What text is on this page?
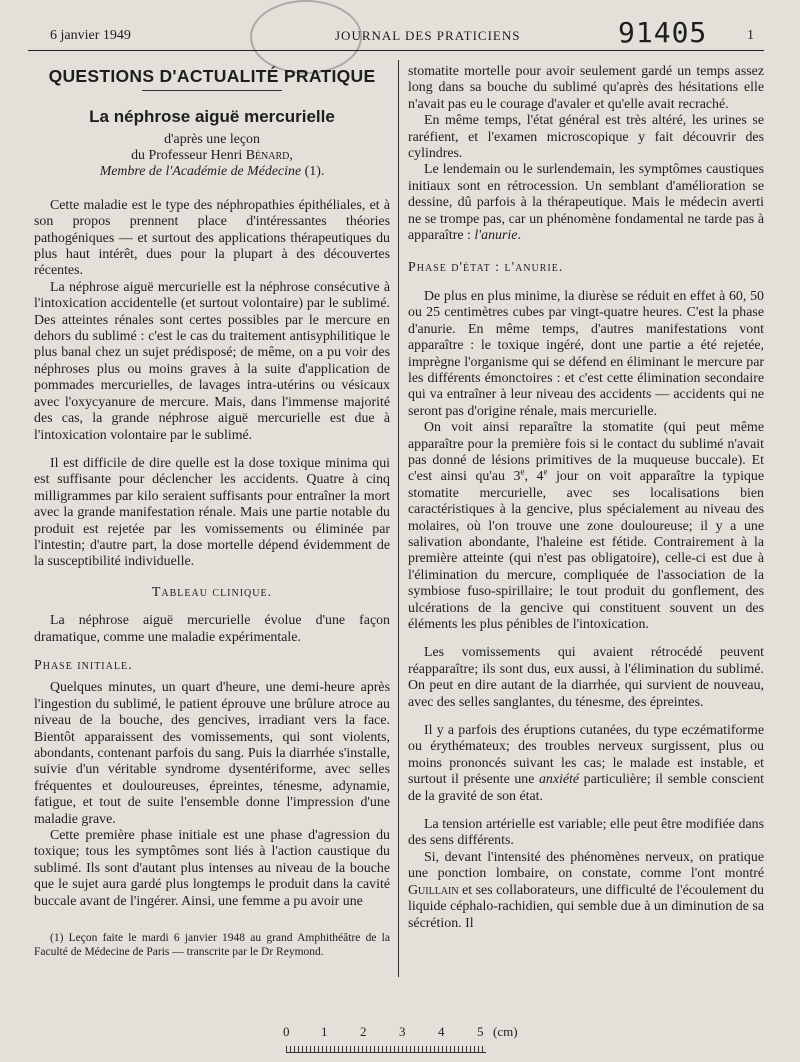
6 janvier 1949	JOURNAL DES PRATICIENS	91405	1
QUESTIONS D'ACTUALITÉ PRATIQUE
La néphrose aiguë mercurielle
d'après une leçon
du Professeur Henri Bénard,
Membre de l'Académie de Médecine (1).

Cette maladie est le type des néphropathies épithéliales, et à son propos prennent place d'intéressantes théories pathogéniques — et surtout des applications thérapeutiques du plus haut intérêt, dues pour la plupart à des découvertes récentes.

La néphrose aiguë mercurielle est la néphrose consécutive à l'intoxication accidentelle (et surtout volontaire) par le sublimé. Des atteintes rénales sont certes possibles par le mercure en dehors du sublimé : c'est le cas du traitement antisyphilitique le plus banal chez un sujet prédisposé; de même, on a pu voir des néphroses plus ou moins graves à la suite d'application de pommades mercurielles, de lavages intra-utérins ou vésicaux avec l'oxycyanure de mercure. Mais, dans l'immense majorité des cas, la grande néphrose aiguë mercurielle est due à l'intoxication volontaire par le sublimé.

Il est difficile de dire quelle est la dose toxique minima qui est suffisante pour déclencher les accidents. Quatre à cinq milligrammes par kilo seraient suffisants pour entraîner la mort avec la grande manifestation rénale. Mais une partie notable du produit est rejetée par les vomissements ou éliminée par l'intestin; d'autre part, la dose mortelle dépend évidemment de la susceptibilité individuelle.

Tableau clinique.

La néphrose aiguë mercurielle évolue d'une façon dramatique, comme une maladie expérimentale.

Phase initiale.

Quelques minutes, un quart d'heure, une demi-heure après l'ingestion du sublimé, le patient éprouve une brûlure atroce au niveau de la bouche, des gencives, irradiant vers la face. Bientôt apparaissent des vomissements, qui sont violents, abondants, contenant parfois du sang. Puis la diarrhée s'installe, suivie d'un véritable syndrome dysentériforme, avec selles fréquentes et douloureuses, épreintes, ténesme, adynamie, fatigue, et tout de suite l'ensemble donne l'impression d'une maladie grave.

Cette première phase initiale est une phase d'agression du toxique; tous les symptômes sont liés à l'action caustique du sublimé. Ils sont d'autant plus intenses au niveau de la bouche que le sujet aura gardé plus longtemps le produit dans la cavité buccale avant de l'ingérer. Ainsi, une femme a pu avoir une

(1) Leçon faite le mardi 6 janvier 1948 au grand Amphithéâtre de la Faculté de Médecine de Paris — transcrite par le Dr Reymond.

stomatite mortelle pour avoir seulement gardé un temps assez long dans sa bouche du sublimé qu'après des hésitations elle n'avait pas eu le courage d'avaler et qu'elle avait recraché.

En même temps, l'état général est très altéré, les urines se raréfient, et l'examen microscopique y fait découvrir des cylindres.

Le lendemain ou le surlendemain, les symptômes caustiques initiaux sont en rétrocession. Un semblant d'amélioration se dessine, dû parfois à la thérapeutique. Mais le médecin averti ne se trompe pas, car un phénomène fondamental ne tarde pas à apparaître : l'anurie.

Phase d'état : l'anurie.

De plus en plus minime, la diurèse se réduit en effet à 60, 50 ou 25 centimètres cubes par vingt-quatre heures. C'est la phase d'anurie. En même temps, d'autres manifestations vont apparaître : le toxique ingéré, dont une partie a été rejetée, imprègne l'organisme qui se défend en éliminant le mercure par les différents émonctoires : et c'est cette élimination secondaire qui va entraîner à leur niveau des accidents — accidents qui ne seront pas d'origine rénale, mais mercurielle.

On voit ainsi reparaître la stomatite (qui peut même apparaître pour la première fois si le contact du sublimé n'avait pas donné de lésions primitives de la muqueuse buccale). Et c'est ainsi qu'au 3e, 4e jour on voit apparaître la typique stomatite mercurielle, avec ses localisations bien caractéristiques à la gencive, plus spécialement au niveau des molaires, où l'on trouve une zone douloureuse; il y a une salivation abondante, l'haleine est fétide. Contrairement à la première atteinte (qui n'est pas obligatoire), celle-ci est due à l'élimination du mercure, compliquée de l'association de la symbiose fuso-spirillaire; le tout produit du gonflement, des ulcérations de la gencive qui constituent souvent un des éléments les plus pénibles de l'intoxication.

Les vomissements qui avaient rétrocédé peuvent réapparaître; ils sont dus, eux aussi, à l'élimination du sublimé. On peut en dire autant de la diarrhée, qui survient de nouveau, avec des selles sanglantes, du ténesme, des épreintes.

Il y a parfois des éruptions cutanées, du type eczématiforme ou érythémateux; des troubles nerveux surgissent, plus ou moins prononcés suivant les cas; le malade est instable, et surtout il présente une anxiété particulière; il semble conscient de la gravité de son état.

La tension artérielle est variable; elle peut être modifiée dans des sens différents.

Si, devant l'intensité des phénomènes nerveux, on pratique une ponction lombaire, on constate, comme l'ont montré Guillain et ses collaborateurs, une difficulté de l'écoulement du liquide céphalo-rachidien, qui semble due à un diminution de sa sécrétion. Il

0 1	2	3	4	5 (cm)
